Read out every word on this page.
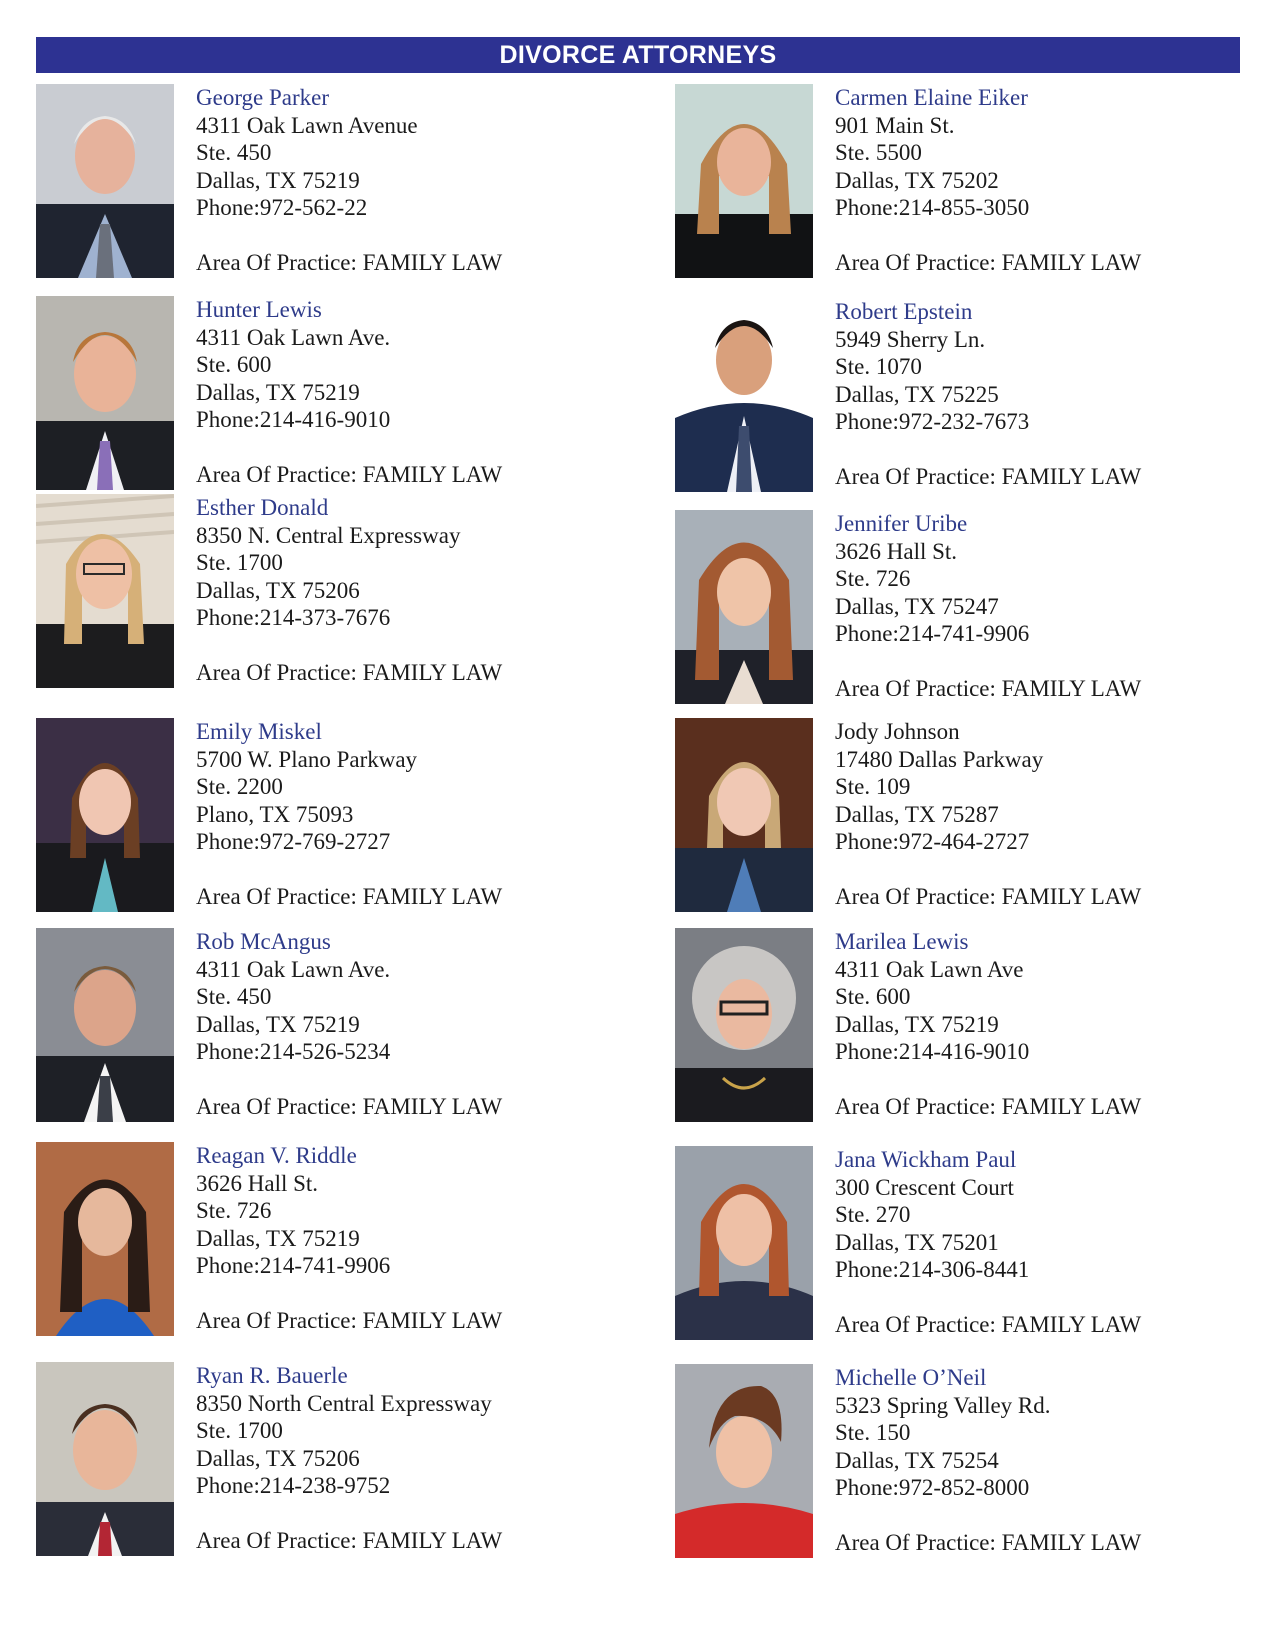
DIVORCE ATTORNEYS
George Parker
4311 Oak Lawn Avenue
Ste. 450
Dallas, TX 75219
Phone:972-562-22
Area Of Practice: FAMILY LAW
Hunter Lewis
4311 Oak Lawn Ave.
Ste. 600
Dallas, TX 75219
Phone:214-416-9010
Area Of Practice: FAMILY LAW
Esther Donald
8350 N. Central Expressway
Ste. 1700
Dallas, TX 75206
Phone:214-373-7676
Area Of Practice: FAMILY LAW
Emily Miskel
5700 W. Plano Parkway
Ste. 2200
Plano, TX 75093
Phone:972-769-2727
Area Of Practice: FAMILY LAW
Rob McAngus
4311 Oak Lawn Ave.
Ste. 450
Dallas, TX 75219
Phone:214-526-5234
Area Of Practice: FAMILY LAW
Reagan V. Riddle
3626 Hall St.
Ste. 726
Dallas, TX 75219
Phone:214-741-9906
Area Of Practice: FAMILY LAW
Ryan R. Bauerle
8350 North Central Expressway
Ste. 1700
Dallas, TX 75206
Phone:214-238-9752
Area Of Practice: FAMILY LAW
Carmen Elaine Eiker
901 Main St.
Ste. 5500
Dallas, TX 75202
Phone:214-855-3050
Area Of Practice: FAMILY LAW
Robert Epstein
5949 Sherry Ln.
Ste. 1070
Dallas, TX 75225
Phone:972-232-7673
Area Of Practice: FAMILY LAW
Jennifer Uribe
3626 Hall St.
Ste. 726
Dallas, TX 75247
Phone:214-741-9906
Area Of Practice: FAMILY LAW
Jody Johnson
17480 Dallas Parkway
Ste. 109
Dallas, TX 75287
Phone:972-464-2727
Area Of Practice: FAMILY LAW
Marilea Lewis
4311 Oak Lawn Ave
Ste. 600
Dallas, TX 75219
Phone:214-416-9010
Area Of Practice: FAMILY LAW
Jana Wickham Paul
300 Crescent Court
Ste. 270
Dallas, TX 75201
Phone:214-306-8441
Area Of Practice: FAMILY LAW
Michelle O’Neil
5323 Spring Valley Rd.
Ste. 150
Dallas, TX 75254
Phone:972-852-8000
Area Of Practice: FAMILY LAW
